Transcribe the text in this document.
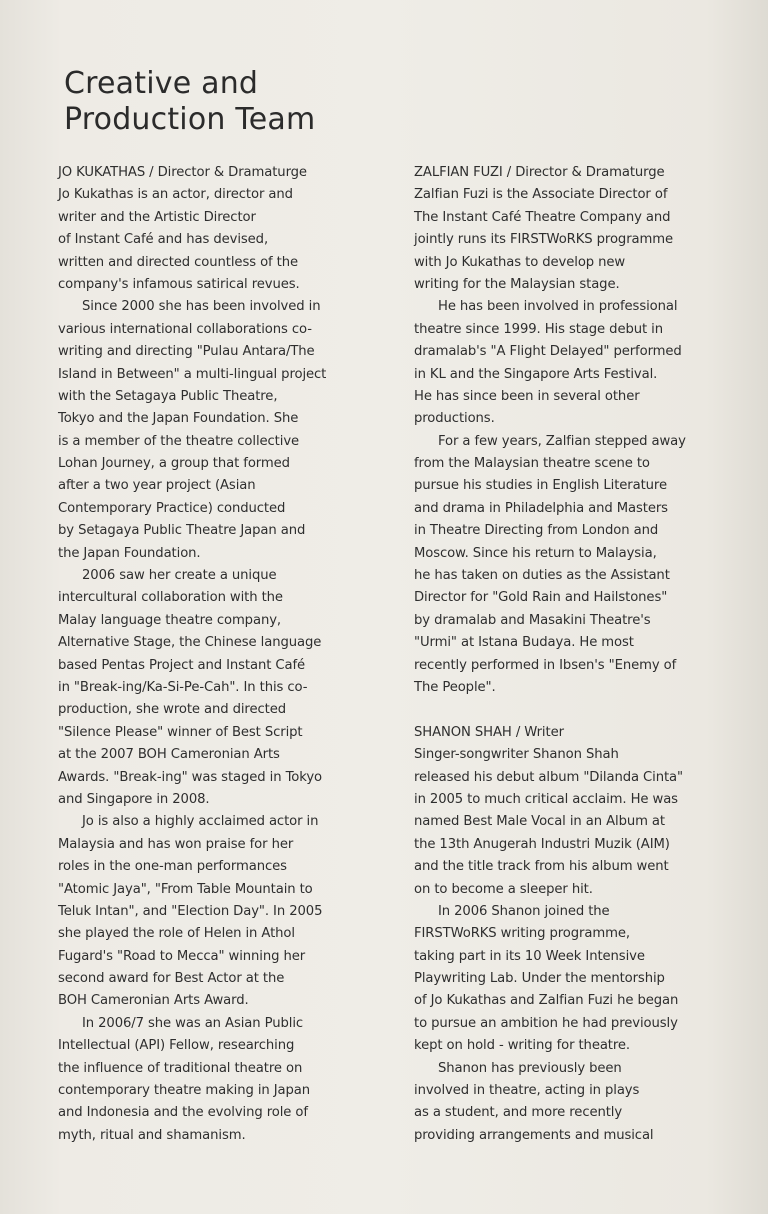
Creative and
Production Team
JO KUKATHAS / Director & Dramaturge
Jo Kukathas is an actor, director and
writer and the Artistic Director
of Instant Café and has devised,
written and directed countless of the
company's infamous satirical revues.
Since 2000 she has been involved in
various international collaborations co-
writing and directing "Pulau Antara/The
Island in Between" a multi-lingual project
with the Setagaya Public Theatre,
Tokyo and the Japan Foundation. She
is a member of the theatre collective
Lohan Journey, a group that formed
after a two year project (Asian
Contemporary Practice) conducted
by Setagaya Public Theatre Japan and
the Japan Foundation.
2006 saw her create a unique
intercultural collaboration with the
Malay language theatre company,
Alternative Stage, the Chinese language
based Pentas Project and Instant Café
in "Break-ing/Ka-Si-Pe-Cah". In this co-
production, she wrote and directed
"Silence Please" winner of Best Script
at the 2007 BOH Cameronian Arts
Awards. "Break-ing" was staged in Tokyo
and Singapore in 2008.
Jo is also a highly acclaimed actor in
Malaysia and has won praise for her
roles in the one-man performances
"Atomic Jaya", "From Table Mountain to
Teluk Intan", and "Election Day". In 2005
she played the role of Helen in Athol
Fugard's "Road to Mecca" winning her
second award for Best Actor at the
BOH Cameronian Arts Award.
In 2006/7 she was an Asian Public
Intellectual (API) Fellow, researching
the influence of traditional theatre on
contemporary theatre making in Japan
and Indonesia and the evolving role of
myth, ritual and shamanism.
ZALFIAN FUZI / Director & Dramaturge
Zalfian Fuzi is the Associate Director of
The Instant Café Theatre Company and
jointly runs its FIRSTWoRKS programme
with Jo Kukathas to develop new
writing for the Malaysian stage.
He has been involved in professional
theatre since 1999. His stage debut in
dramalab's "A Flight Delayed" performed
in KL and the Singapore Arts Festival.
He has since been in several other
productions.
For a few years, Zalfian stepped away
from the Malaysian theatre scene to
pursue his studies in English Literature
and drama in Philadelphia and Masters
in Theatre Directing from London and
Moscow. Since his return to Malaysia,
he has taken on duties as the Assistant
Director for "Gold Rain and Hailstones"
by dramalab and Masakini Theatre's
"Urmi" at Istana Budaya. He most
recently performed in Ibsen's "Enemy of
The People".
SHANON SHAH / Writer
Singer-songwriter Shanon Shah
released his debut album "Dilanda Cinta"
in 2005 to much critical acclaim. He was
named Best Male Vocal in an Album at
the 13th Anugerah Industri Muzik (AIM)
and the title track from his album went
on to become a sleeper hit.
In 2006 Shanon joined the
FIRSTWoRKS writing programme,
taking part in its 10 Week Intensive
Playwriting Lab. Under the mentorship
of Jo Kukathas and Zalfian Fuzi he began
to pursue an ambition he had previously
kept on hold - writing for theatre.
Shanon has previously been
involved in theatre, acting in plays
as a student, and more recently
providing arrangements and musical
